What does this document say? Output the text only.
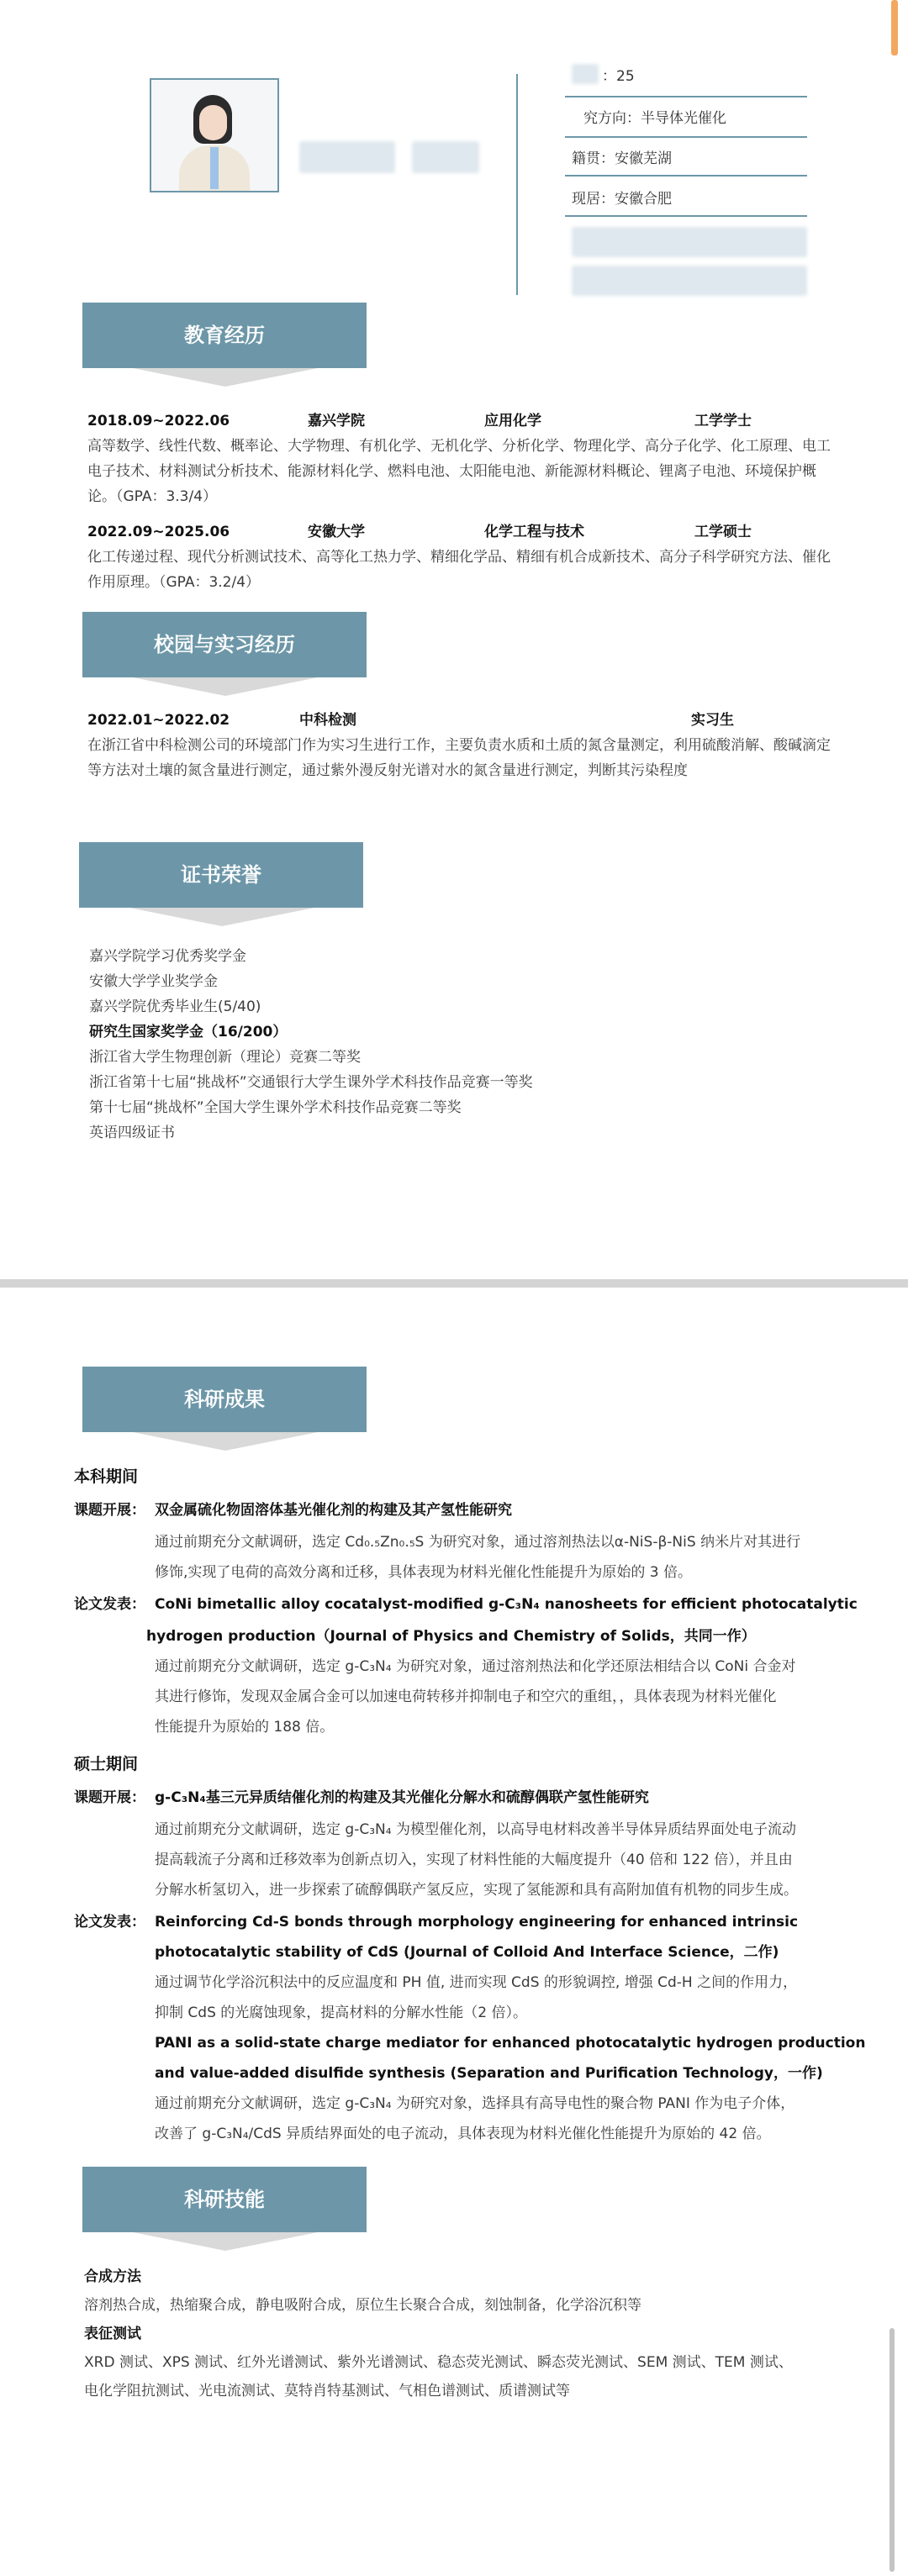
：25
究方向：半导体光催化
籍贯：安徽芜湖
现居：安徽合肥
教育经历
2018.09~2022.06	嘉兴学院	应用化学	工学学士
高等数学、线性代数、概率论、大学物理、有机化学、无机化学、分析化学、物理化学、高分子化学、化工原理、电工电子技术、材料测试分析技术、能源材料化学、燃料电池、太阳能电池、新能源材料概论、锂离子电池、环境保护概论。（GPA：3.3/4）
2022.09~2025.06	安徽大学	化学工程与技术	工学硕士
化工传递过程、现代分析测试技术、高等化工热力学、精细化学品、精细有机合成新技术、高分子科学研究方法、催化作用原理。（GPA：3.2/4）
校园与实习经历
2022.01~2022.02	中科检测	实习生
在浙江省中科检测公司的环境部门作为实习生进行工作，主要负责水质和土质的氮含量测定，利用硫酸消解、酸碱滴定等方法对土壤的氮含量进行测定，通过紫外漫反射光谱对水的氮含量进行测定，判断其污染程度
证书荣誉
嘉兴学院学习优秀奖学金
安徽大学学业奖学金
嘉兴学院优秀毕业生(5/40)
研究生国家奖学金（16/200）
浙江省大学生物理创新（理论）竞赛二等奖
浙江省第十七届“挑战杯”交通银行大学生课外学术科技作品竞赛一等奖
第十七届“挑战杯”全国大学生课外学术科技作品竞赛二等奖
英语四级证书
科研成果
本科期间
课题开展： 双金属硫化物固溶体基光催化剂的构建及其产氢性能研究
通过前期充分文献调研，选定 Cd₀.₅Zn₀.₅S 为研究对象，通过溶剂热法以α-NiS-β-NiS 纳米片对其进行
修饰,实现了电荷的高效分离和迁移，具体表现为材料光催化性能提升为原始的 3 倍。
论文发表： CoNi bimetallic alloy cocatalyst-modified g-C₃N₄ nanosheets for efficient photocatalytic
hydrogen production（Journal of Physics and Chemistry of Solids，共同一作）
通过前期充分文献调研，选定 g-C₃N₄ 为研究对象，通过溶剂热法和化学还原法相结合以 CoNi 合金对
其进行修饰，发现双金属合金可以加速电荷转移并抑制电子和空穴的重组，，具体表现为材料光催化
性能提升为原始的 188 倍。
硕士期间
课题开展： g-C₃N₄基三元异质结催化剂的构建及其光催化分解水和硫醇偶联产氢性能研究
通过前期充分文献调研，选定 g-C₃N₄ 为模型催化剂，以高导电材料改善半导体异质结界面处电子流动
提高载流子分离和迁移效率为创新点切入，实现了材料性能的大幅度提升（40 倍和 122 倍），并且由
分解水析氢切入，进一步探索了硫醇偶联产氢反应，实现了氢能源和具有高附加值有机物的同步生成。
论文发表： Reinforcing Cd-S bonds through morphology engineering for enhanced intrinsic
photocatalytic stability of CdS (Journal of Colloid And Interface Science，二作)
通过调节化学浴沉积法中的反应温度和 PH 值, 进而实现 CdS 的形貌调控, 增强 Cd-H 之间的作用力，
抑制 CdS 的光腐蚀现象，提高材料的分解水性能（2 倍）。
PANI as a solid-state charge mediator for enhanced photocatalytic hydrogen production
and value-added disulfide synthesis (Separation and Purification Technology，一作)
通过前期充分文献调研，选定 g-C₃N₄ 为研究对象，选择具有高导电性的聚合物 PANI 作为电子介体，
改善了 g-C₃N₄/CdS 异质结界面处的电子流动，具体表现为材料光催化性能提升为原始的 42 倍。
科研技能
合成方法
溶剂热合成，热缩聚合成，静电吸附合成，原位生长聚合合成，刻蚀制备，化学浴沉积等
表征测试
XRD 测试、XPS 测试、红外光谱测试、紫外光谱测试、稳态荧光测试、瞬态荧光测试、SEM 测试、TEM 测试、
电化学阻抗测试、光电流测试、莫特肖特基测试、气相色谱测试、质谱测试等
